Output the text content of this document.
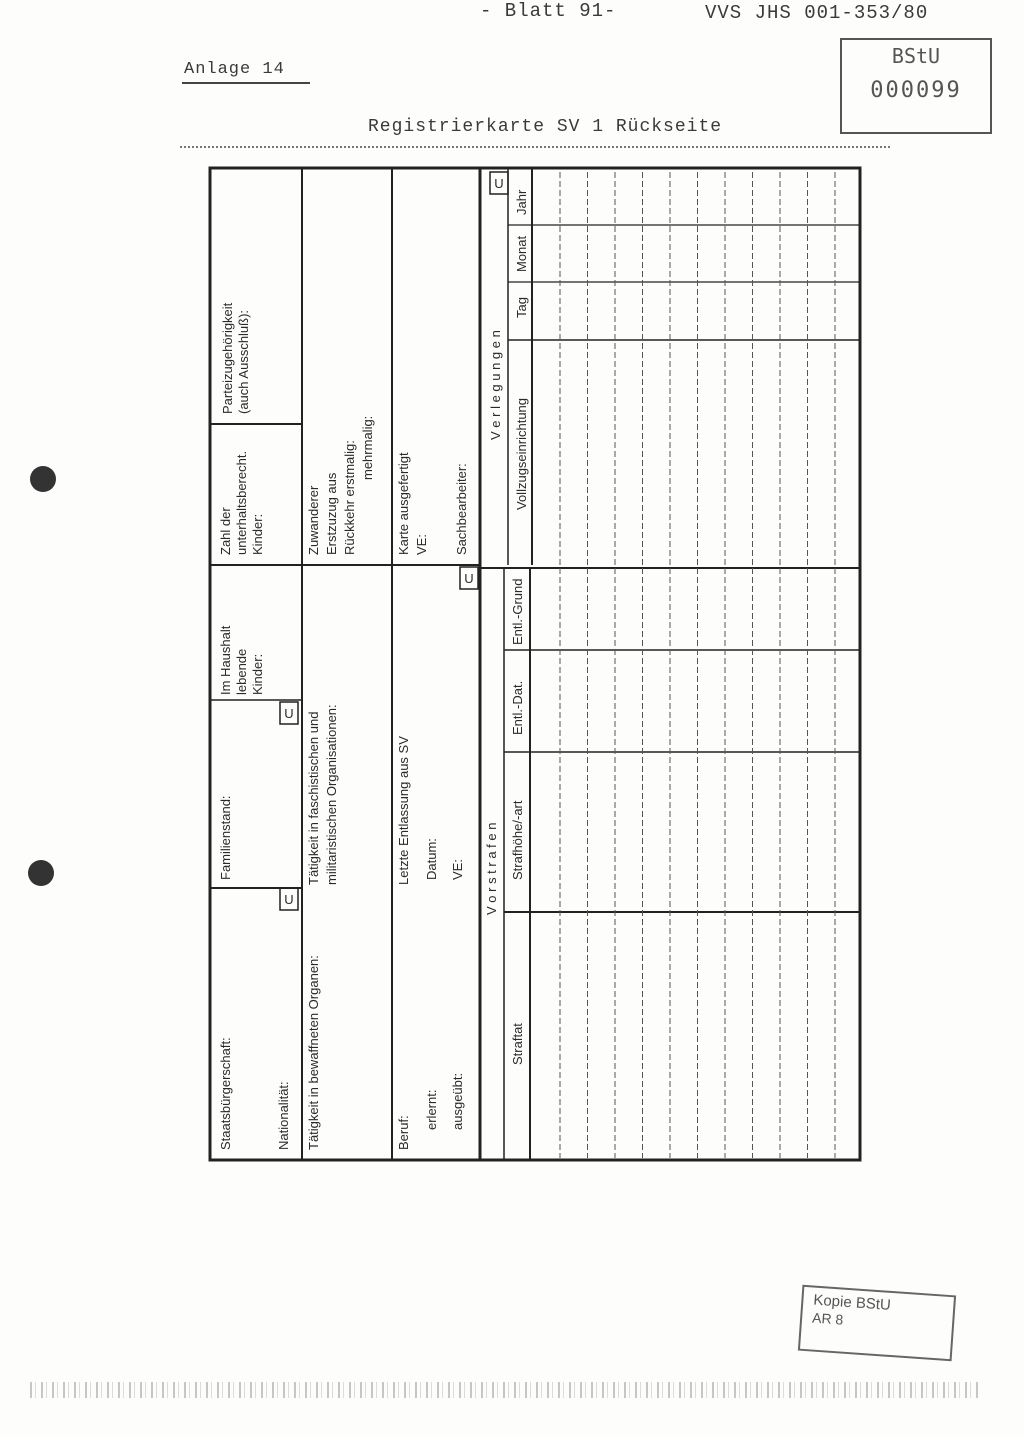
- Blatt 91-	VVS JHS 001-353/80
BStU
000099
Anlage 14
Registrierkarte SV 1 Rückseite
U
U
U
U
Staatsbürgerschaft:	Nationalität:
Familienstand:
Im Haushalt lebende Kinder:
Zahl der unterhaltsberecht. Kinder:
Parteizugehörigkeit (auch Ausschluß):
Tätigkeit in bewaffneten Organen:
Tätigkeit in faschistischen und militaristischen Organisationen:
Zuwanderer Erstzuzug aus Rückkehr erstmalig: mehrmalig:
Beruf:
erlernt: ausgeübt:
Letzte Entlassung aus SV Datum: VE:
Karte ausgefertigt VE: Sachbearbeiter:
V o r s t r a f e n
Straftat
Strafhöhe/-art
Entl.-Dat.
Entl.-Grund
V e r l e g u n g e n
Vollzugseinrichtung
Tag
Monat
Jahr
Kopie BStU
AR 8
